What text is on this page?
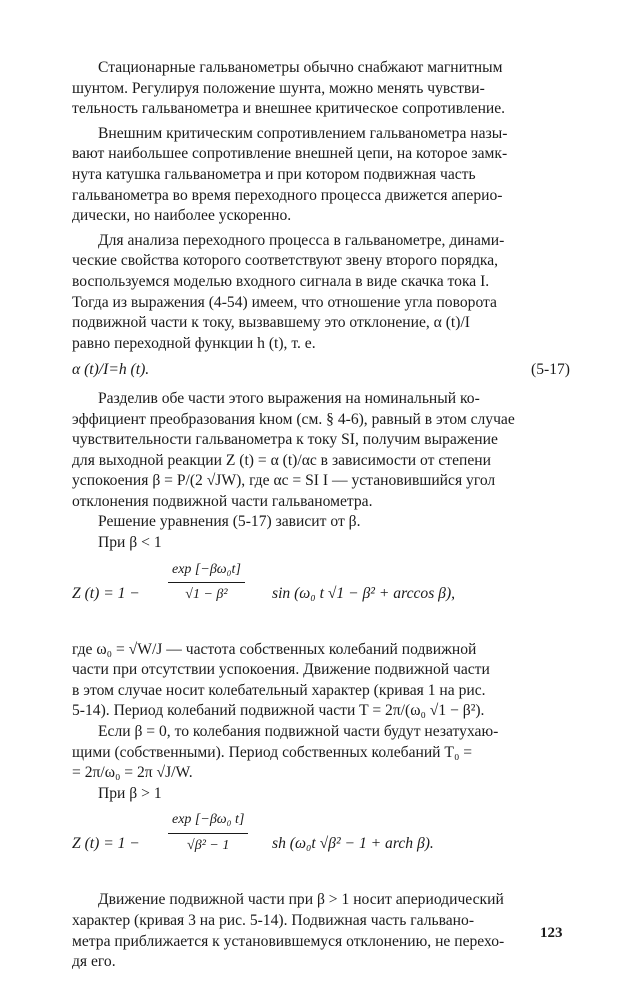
Стационарные гальванометры обычно снабжают магнитным
шунтом. Регулируя положение шунта, можно менять чувстви-
тельность гальванометра и внешнее критическое сопротивление.

Внешним критическим сопротивлением гальванометра назы-
вают наибольшее сопротивление внешней цепи, на которое замк-
нута катушка гальванометра и при котором подвижная часть
гальванометра во время переходного процесса движется аперио-
дически, но наиболее ускоренно.

Для анализа переходного процесса в гальванометре, динами-
ческие свойства которого соответствуют звену второго порядка,
воспользуемся моделью входного сигнала в виде скачка тока I.
Тогда из выражения (4-54) имеем, что отношение угла поворота
подвижной части к току, вызвавшему это отклонение, α (t)/I
равно переходной функции h (t), т. е.

α (t)/I=h (t).	(5-17)

Разделив обе части этого выражения на номинальный ко-
эффициент преобразования kном (см. § 4-6), равный в этом случае
чувствительности гальванометра к току SI, получим выражение
для выходной реакции Z (t) = α (t)/αc в зависимости от степени
успокоения β = P/(2 √JW), где αc = SI I — установившийся угол
отклонения подвижной части гальванометра.

Решение уравнения (5-17) зависит от β.

При β < 1

Z $(t) = 1 - \frac{\text{exp [−βω₀t]}}{\text{√1 − β²}}$ sin (ω₀ t √1 − β² + arccos β),

где ω₀ = √W/J — частота собственных колебаний подвижной
части при отсутствии успокоения. Движение подвижной части
в этом случае носит колебательный характер (кривая 1 на рис.
5-14). Период колебаний подвижной части T = 2π/(ω₀ √1 − β²).

Если β = 0, то колебания подвижной части будут незатухаю-
щими (собственными). Период собственных колебаний T₀ =
= 2π/ω₀ = 2π √J/W.

При β > 1

Z $(t) = 1 - \frac{\text{exp [−βω₀ t]}}{\text{√β² − 1}}$ sh (ω₀t √β² − 1 + arch β).

Движение подвижной части при β > 1 носит апериодический
характер (кривая 3 на рис. 5-14). Подвижная часть гальвано-
метра приближается к установившемуся отклонению, не перехо-
дя его.

123
